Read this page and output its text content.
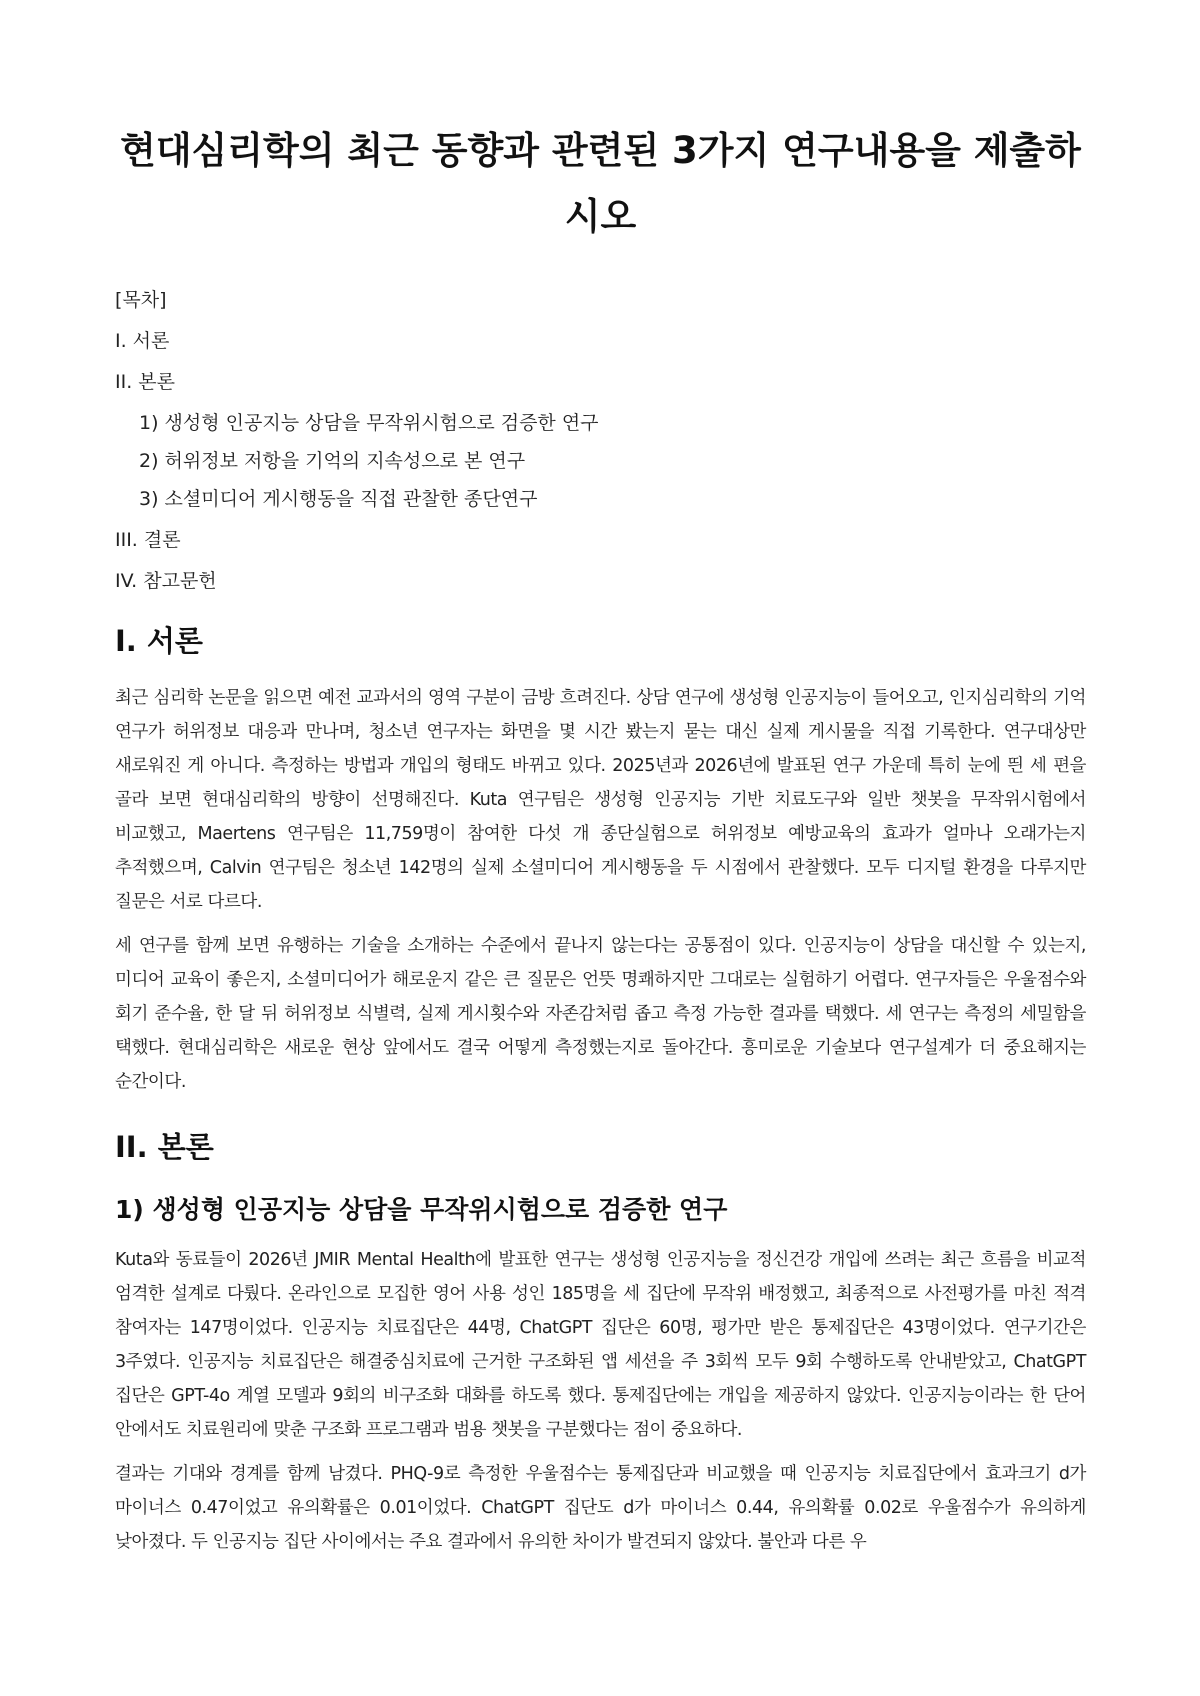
현대심리학의 최근 동향과 관련된 3가지 연구내용을 제출하시오

[목차]

I. 서론

II. 본론

1) 생성형 인공지능 상담을 무작위시험으로 검증한 연구

2) 허위정보 저항을 기억의 지속성으로 본 연구

3) 소셜미디어 게시행동을 직접 관찰한 종단연구

III. 결론

IV. 참고문헌

I. 서론

최근 심리학 논문을 읽으면 예전 교과서의 영역 구분이 금방 흐려진다. 상담 연구에 생성형 인공지능이 들어오고, 인지심리학의 기억 연구가 허위정보 대응과 만나며, 청소년 연구자는 화면을 몇 시간 봤는지 묻는 대신 실제 게시물을 직접 기록한다. 연구대상만 새로워진 게 아니다. 측정하는 방법과 개입의 형태도 바뀌고 있다. 2025년과 2026년에 발표된 연구 가운데 특히 눈에 띈 세 편을 골라 보면 현대심리학의 방향이 선명해진다. Kuta 연구팀은 생성형 인공지능 기반 치료도구와 일반 챗봇을 무작위시험에서 비교했고, Maertens 연구팀은 11,759명이 참여한 다섯 개 종단실험으로 허위정보 예방교육의 효과가 얼마나 오래가는지 추적했으며, Calvin 연구팀은 청소년 142명의 실제 소셜미디어 게시행동을 두 시점에서 관찰했다. 모두 디지털 환경을 다루지만 질문은 서로 다르다.

세 연구를 함께 보면 유행하는 기술을 소개하는 수준에서 끝나지 않는다는 공통점이 있다. 인공지능이 상담을 대신할 수 있는지, 미디어 교육이 좋은지, 소셜미디어가 해로운지 같은 큰 질문은 언뜻 명쾌하지만 그대로는 실험하기 어렵다. 연구자들은 우울점수와 회기 준수율, 한 달 뒤 허위정보 식별력, 실제 게시횟수와 자존감처럼 좁고 측정 가능한 결과를 택했다. 세 연구는 측정의 세밀함을 택했다. 현대심리학은 새로운 현상 앞에서도 결국 어떻게 측정했는지로 돌아간다. 흥미로운 기술보다 연구설계가 더 중요해지는 순간이다.

II. 본론
1) 생성형 인공지능 상담을 무작위시험으로 검증한 연구

Kuta와 동료들이 2026년 JMIR Mental Health에 발표한 연구는 생성형 인공지능을 정신건강 개입에 쓰려는 최근 흐름을 비교적 엄격한 설계로 다뤘다. 온라인으로 모집한 영어 사용 성인 185명을 세 집단에 무작위 배정했고, 최종적으로 사전평가를 마친 적격 참여자는 147명이었다. 인공지능 치료집단은 44명, ChatGPT 집단은 60명, 평가만 받은 통제집단은 43명이었다. 연구기간은 3주였다. 인공지능 치료집단은 해결중심치료에 근거한 구조화된 앱 세션을 주 3회씩 모두 9회 수행하도록 안내받았고, ChatGPT 집단은 GPT-4o 계열 모델과 9회의 비구조화 대화를 하도록 했다. 통제집단에는 개입을 제공하지 않았다. 인공지능이라는 한 단어 안에서도 치료원리에 맞춘 구조화 프로그램과 범용 챗봇을 구분했다는 점이 중요하다.

결과는 기대와 경계를 함께 남겼다. PHQ-9로 측정한 우울점수는 통제집단과 비교했을 때 인공지능 치료집단에서 효과크기 d가 마이너스 0.47이었고 유의확률은 0.01이었다. ChatGPT 집단도 d가 마이너스 0.44, 유의확률 0.02로 우울점수가 유의하게 낮아졌다. 두 인공지능 집단 사이에서는 주요 결과에서 유의한 차이가 발견되지 않았다. 불안과 다른 우
